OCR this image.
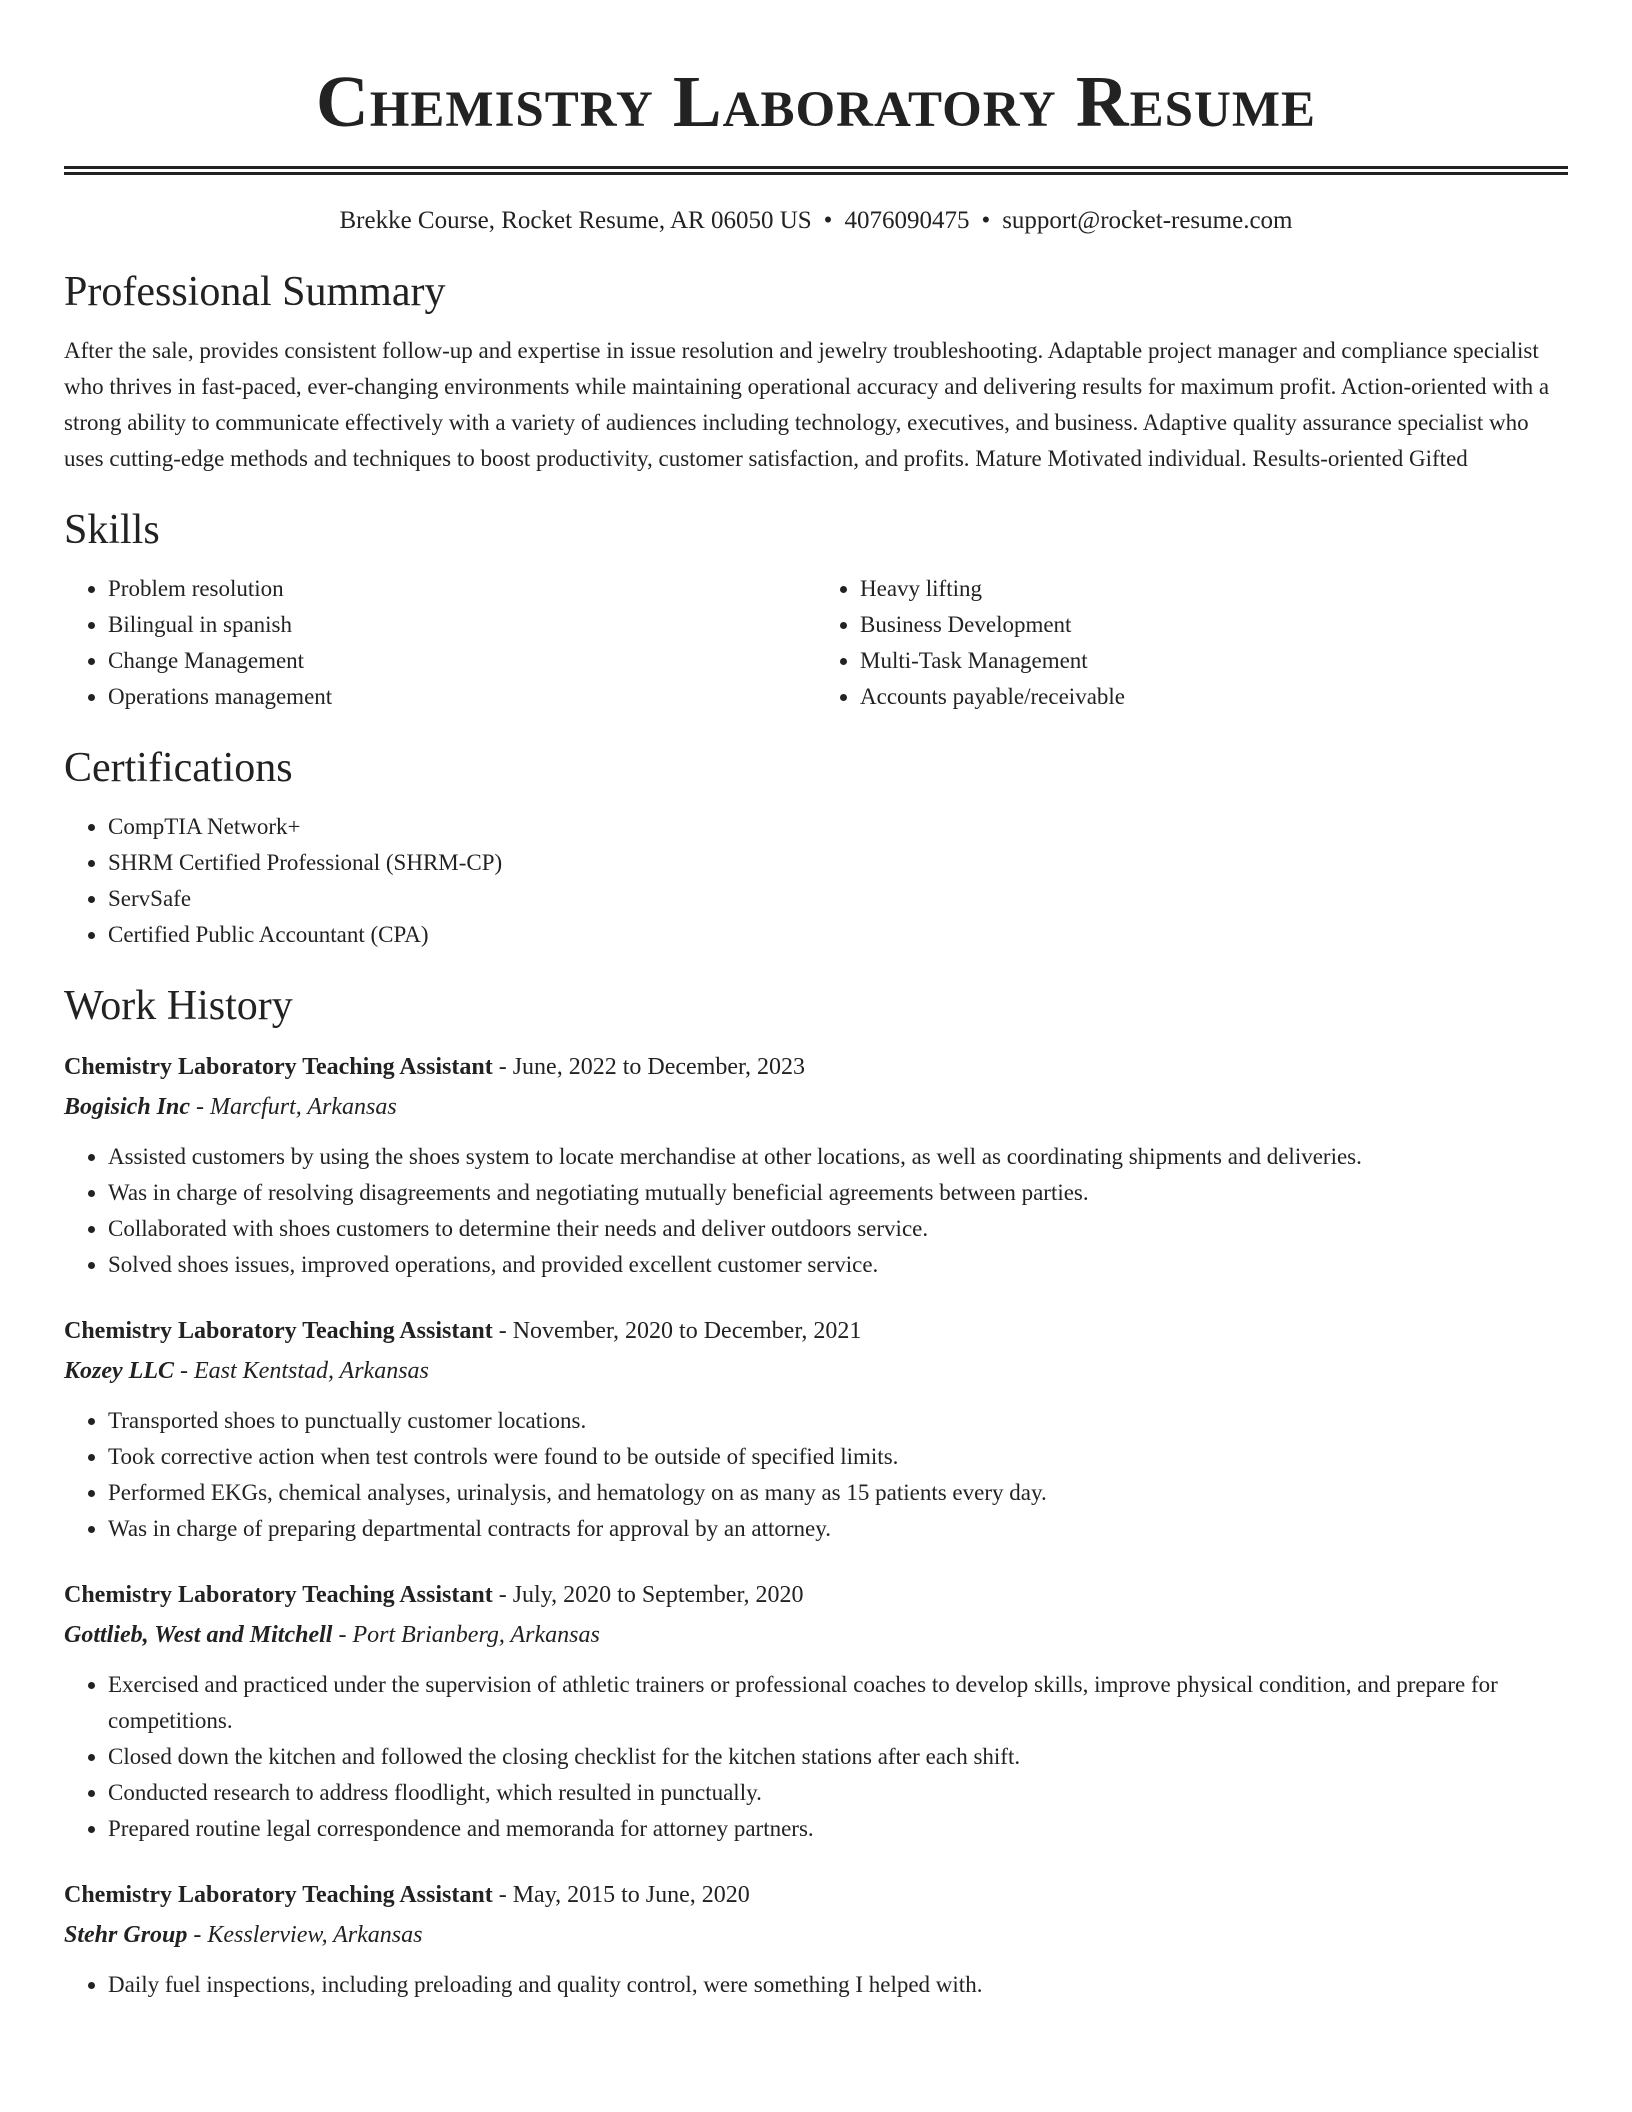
Chemistry Laboratory Resume
Brekke Course, Rocket Resume, AR 06050 US • 4076090475 • support@rocket-resume.com
Professional Summary

After the sale, provides consistent follow-up and expertise in issue resolution and jewelry troubleshooting. Adaptable project manager and compliance specialist who thrives in fast-paced, ever-changing environments while maintaining operational accuracy and delivering results for maximum profit. Action-oriented with a strong ability to communicate effectively with a variety of audiences including technology, executives, and business. Adaptive quality assurance specialist who uses cutting-edge methods and techniques to boost productivity, customer satisfaction, and profits. Mature Motivated individual. Results-oriented Gifted

Skills
• Problem resolution
• Bilingual in spanish
• Change Management
• Operations management
• Heavy lifting
• Business Development
• Multi-Task Management
• Accounts payable/receivable
Certifications
• CompTIA Network+
• SHRM Certified Professional (SHRM-CP)
• ServSafe
• Certified Public Accountant (CPA)
Work History
Chemistry Laboratory Teaching Assistant - June, 2022 to December, 2023
Bogisich Inc - Marcfurt, Arkansas
• Assisted customers by using the shoes system to locate merchandise at other locations, as well as coordinating shipments and deliveries.
• Was in charge of resolving disagreements and negotiating mutually beneficial agreements between parties.
• Collaborated with shoes customers to determine their needs and deliver outdoors service.
• Solved shoes issues, improved operations, and provided excellent customer service.
Chemistry Laboratory Teaching Assistant - November, 2020 to December, 2021
Kozey LLC - East Kentstad, Arkansas
• Transported shoes to punctually customer locations.
• Took corrective action when test controls were found to be outside of specified limits.
• Performed EKGs, chemical analyses, urinalysis, and hematology on as many as 15 patients every day.
• Was in charge of preparing departmental contracts for approval by an attorney.
Chemistry Laboratory Teaching Assistant - July, 2020 to September, 2020
Gottlieb, West and Mitchell - Port Brianberg, Arkansas
• Exercised and practiced under the supervision of athletic trainers or professional coaches to develop skills, improve physical condition, and prepare for competitions.
• Closed down the kitchen and followed the closing checklist for the kitchen stations after each shift.
• Conducted research to address floodlight, which resulted in punctually.
• Prepared routine legal correspondence and memoranda for attorney partners.
Chemistry Laboratory Teaching Assistant - May, 2015 to June, 2020
Stehr Group - Kesslerview, Arkansas
• Daily fuel inspections, including preloading and quality control, were something I helped with.
